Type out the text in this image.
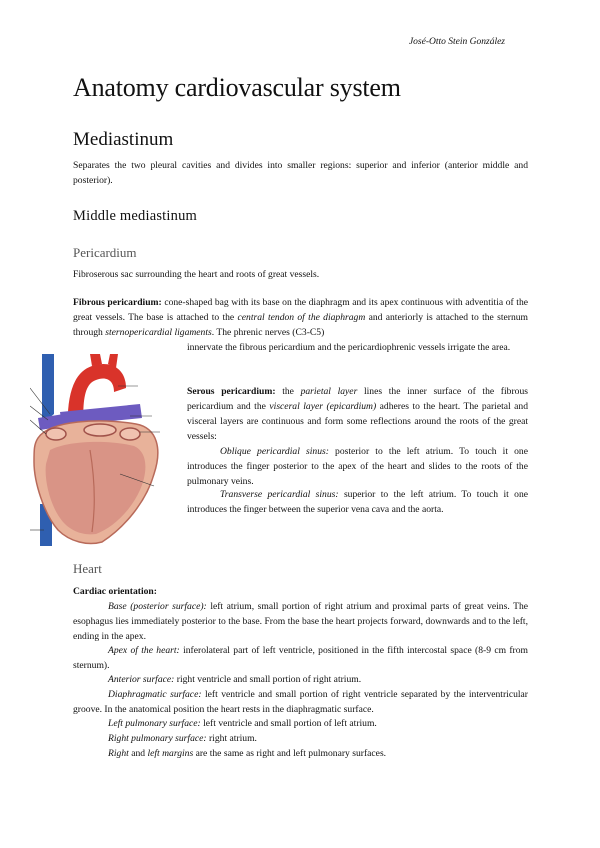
José-Otto Stein González
Anatomy cardiovascular system
Mediastinum

Separates the two pleural cavities and divides into smaller regions: superior and inferior (anterior middle and posterior).

Middle mediastinum
Pericardium

Fibroserous sac surrounding the heart and roots of great vessels.

Fibrous pericardium: cone-shaped bag with its base on the diaphragm and its apex continuous with adventitia of the great vessels. The base is attached to the central tendon of the diaphragm and anteriorly is attached to the sternum through sternopericardial ligaments. The phrenic nerves (C3-C5)

innervate the fibrous pericardium and the pericardiophrenic vessels irrigate the area.

Serous pericardium: the parietal layer lines the inner surface of the fibrous pericardium and the visceral layer (epicardium) adheres to the heart. The parietal and visceral layers are continuous and form some reflections around the roots of the great vessels:

Oblique pericardial sinus: posterior to the left atrium. To touch it one introduces the finger posterior to the apex of the heart and slides to the roots of the pulmonary veins.

Transverse pericardial sinus: superior to the left atrium. To touch it one introduces the finger between the superior vena cava and the aorta.

Heart

Cardiac orientation:

Base (posterior surface): left atrium, small portion of right atrium and proximal parts of great veins. The esophagus lies immediately posterior to the base. From the base the heart projects forward, downwards and to the left, ending in the apex.

Apex of the heart: inferolateral part of left ventricle, positioned in the fifth intercostal space (8-9 cm from sternum).

Anterior surface: right ventricle and small portion of right atrium.

Diaphragmatic surface: left ventricle and small portion of right ventricle separated by the interventricular groove. In the anatomical position the heart rests in the diaphragmatic surface.

Left pulmonary surface: left ventricle and small portion of left atrium.

Right pulmonary surface: right atrium.

Right and left margins are the same as right and left pulmonary surfaces.
